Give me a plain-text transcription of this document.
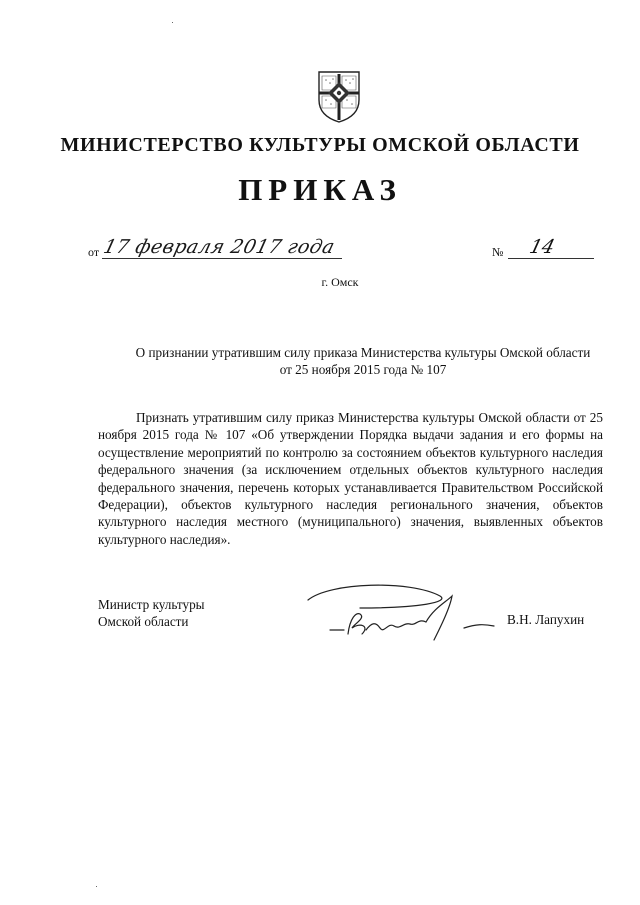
МИНИСТЕРСТВО КУЛЬТУРЫ ОМСКОЙ ОБЛАСТИ
ПРИКАЗ
от 17 февраля 2017 года	№ 14
г. Омск
О признании утратившим силу приказа Министерства культуры Омской области от 25 ноября 2015 года № 107

Признать утратившим силу приказ Министерства культуры Омской области от 25 ноября 2015 года № 107 «Об утверждении Порядка выдачи задания и его формы на осуществление мероприятий по контролю за состоянием объектов культурного наследия федерального значения (за исключением отдельных объектов культурного наследия федерального значения, перечень которых устанавливается Правительством Российской Федерации), объектов культурного наследия регионального значения, объектов культурного наследия местного (муниципального) значения, выявленных объектов культурного наследия».

Министр культуры
Омской области	В.Н. Лапухин
